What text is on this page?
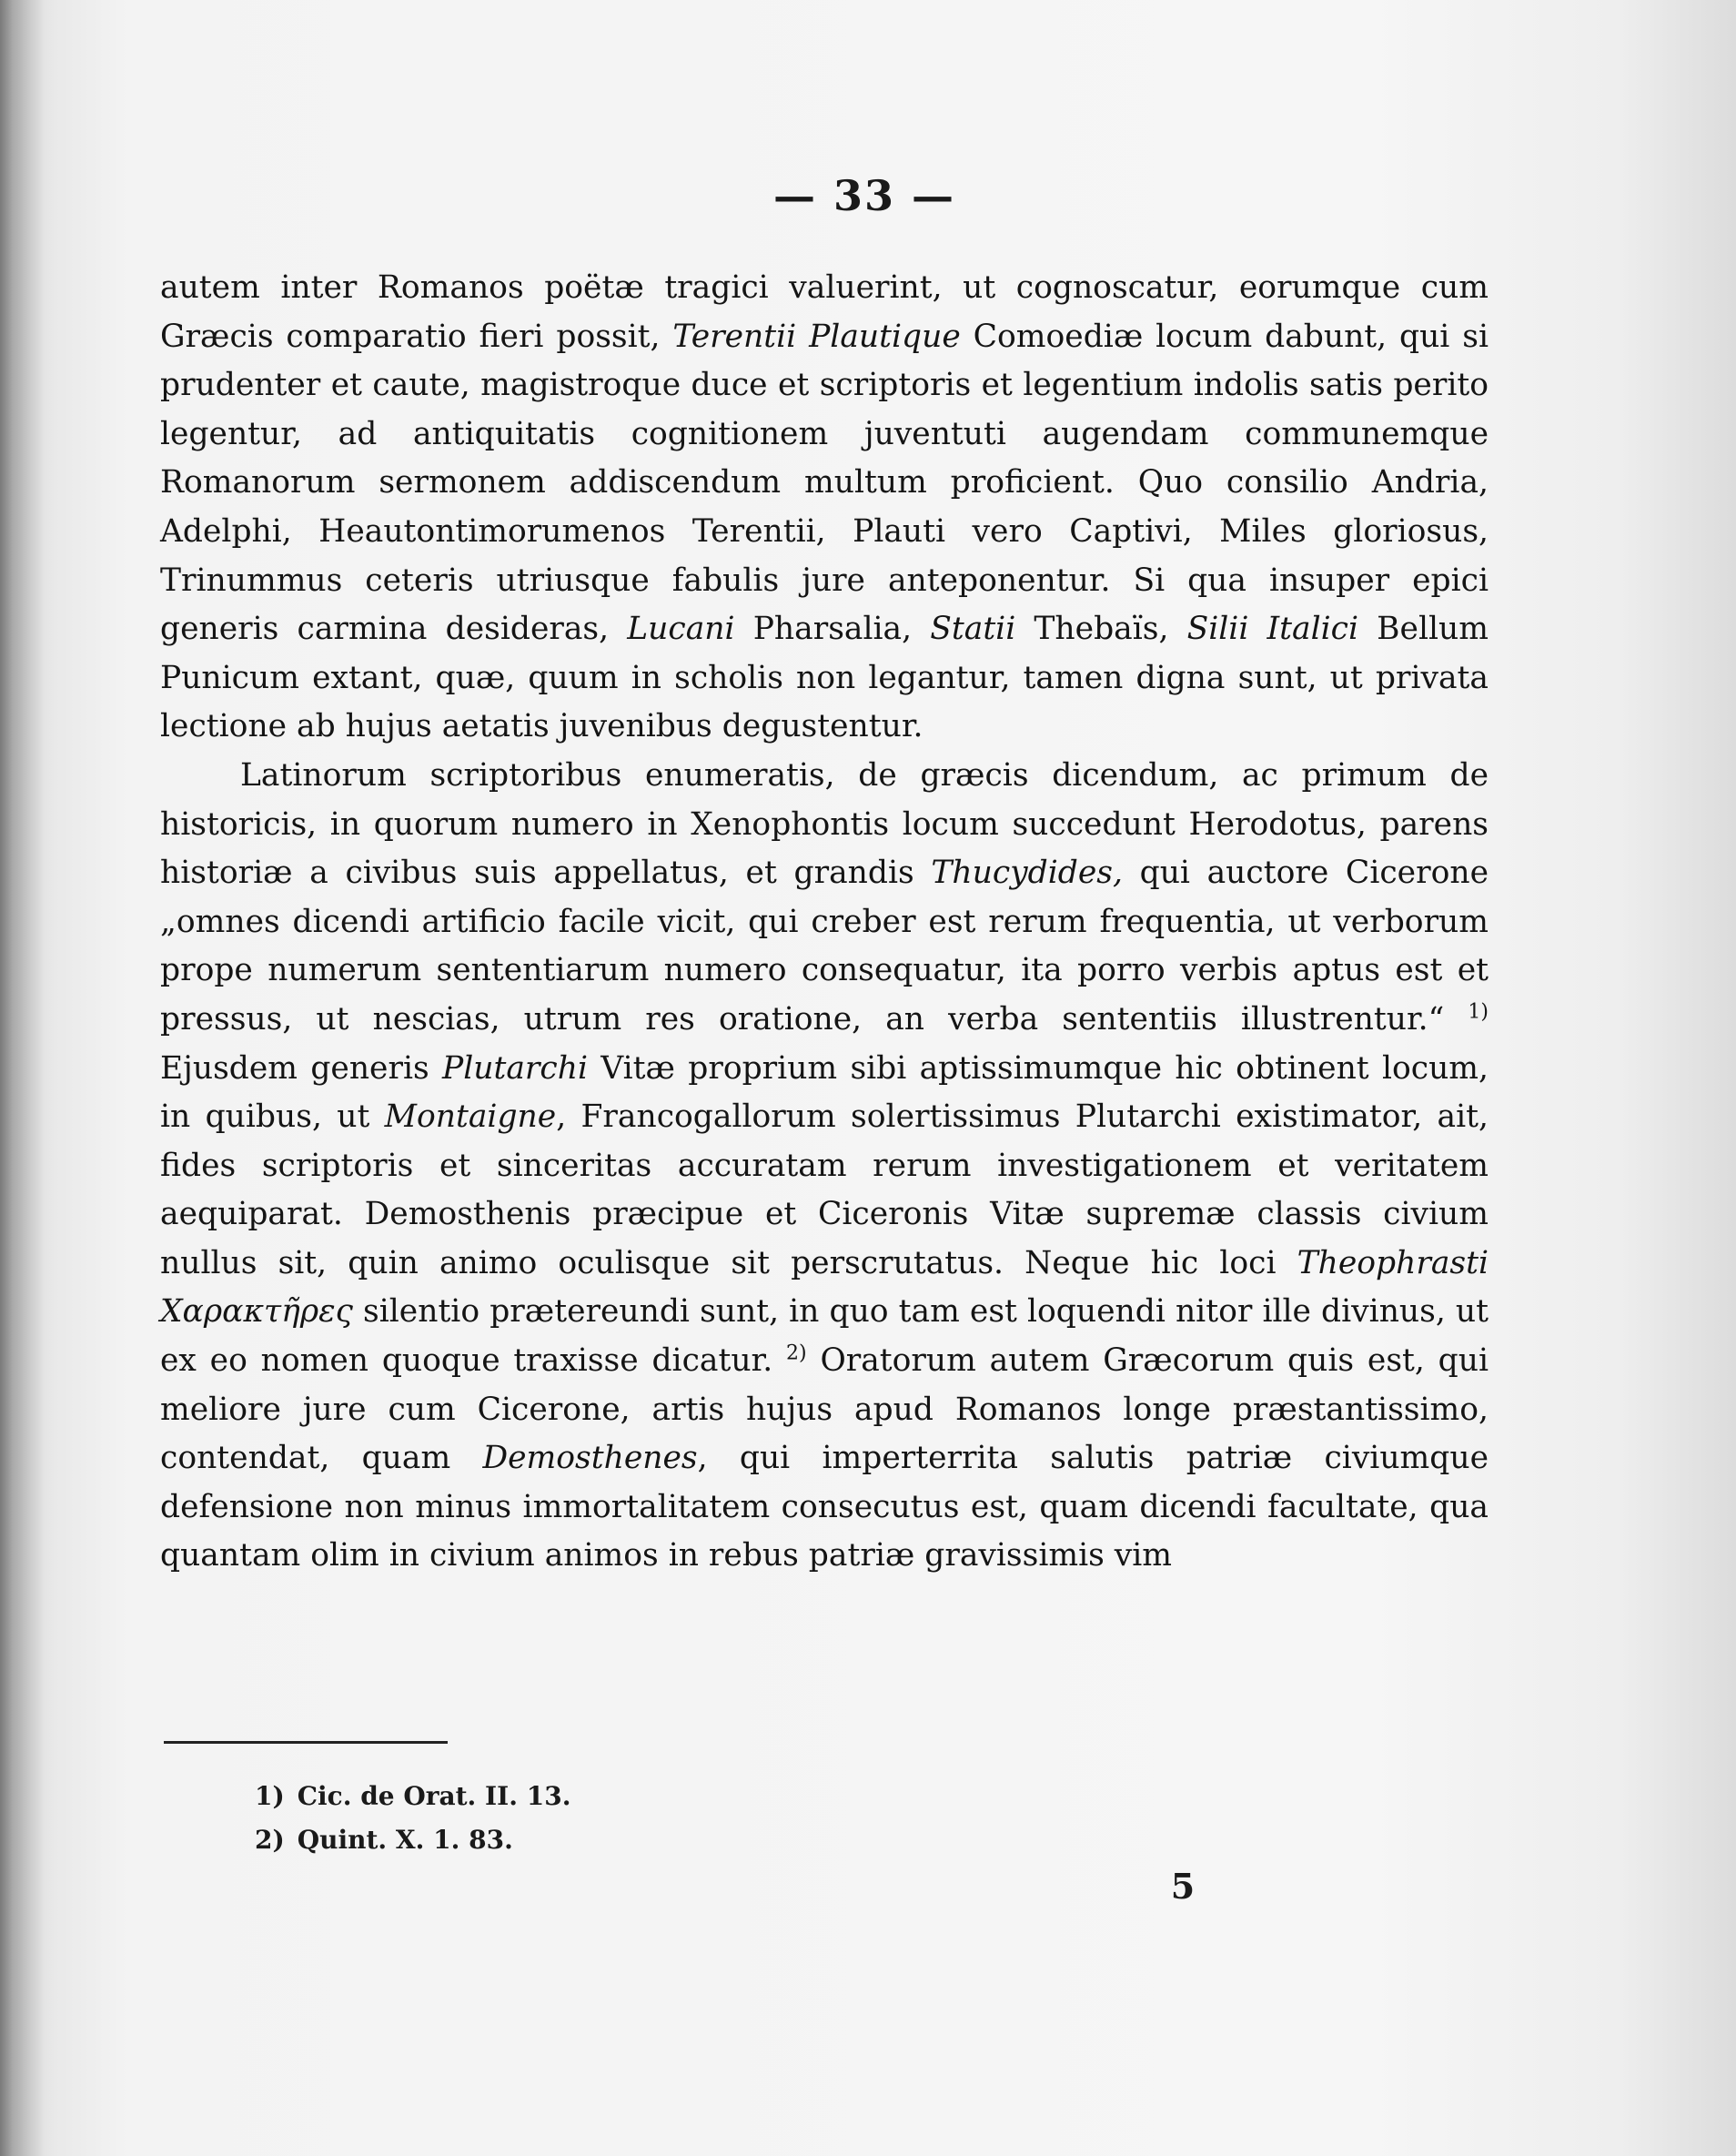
— 33 —

autem inter Romanos poëtæ tragici valuerint, ut cognoscatur, eorumque cum Græcis comparatio fieri possit, Terentii Plautique Comoediæ locum dabunt, qui si prudenter et caute, magistroque duce et scriptoris et legentium indolis satis perito legentur, ad antiquitatis cognitionem juventuti augendam communemque Romanorum sermonem addiscendum multum proficient. Quo consilio Andria, Adelphi, Heautontimorumenos Terentii, Plauti vero Captivi, Miles gloriosus, Trinummus ceteris utriusque fabulis jure anteponentur. Si qua insuper epici generis carmina desideras, Lucani Pharsalia, Statii Thebaïs, Silii Italici Bellum Punicum extant, quæ, quum in scholis non legantur, tamen digna sunt, ut privata lectione ab hujus aetatis juvenibus degustentur.

Latinorum scriptoribus enumeratis, de græcis dicendum, ac primum de historicis, in quorum numero in Xenophontis locum succedunt Herodotus, parens historiæ a civibus suis appellatus, et grandis Thucydides, qui auctore Cicerone „omnes dicendi artificio facile vicit, qui creber est rerum frequentia, ut verborum prope numerum sententiarum numero consequatur, ita porro verbis aptus est et pressus, ut nescias, utrum res oratione, an verba sententiis illustrentur.“ $^{1)}$ Ejusdem generis Plutarchi Vitæ proprium sibi aptissimumque hic obtinent locum, in quibus, ut Montaigne, Francogallorum solertissimus Plutarchi existimator, ait, fides scriptoris et sinceritas accuratam rerum investigationem et veritatem aequiparat. Demosthenis præcipue et Ciceronis Vitæ supremæ classis civium nullus sit, quin animo oculisque sit perscrutatus. Neque hic loci Theophrasti Χαρακτῆρες silentio prætereundi sunt, in quo tam est loquendi nitor ille divinus, ut ex eo nomen quoque traxisse dicatur. $^{2)}$ Oratorum autem Græcorum quis est, qui meliore jure cum Cicerone, artis hujus apud Romanos longe præstantissimo, contendat, quam Demosthenes, qui imperterrita salutis patriæ civiumque defensione non minus immortalitatem consecutus est, quam dicendi facultate, qua quantam olim in civium animos in rebus patriæ gravissimis vim

1) Cic. de Orat. II. 13.
2) Quint. X. 1. 83.
5
